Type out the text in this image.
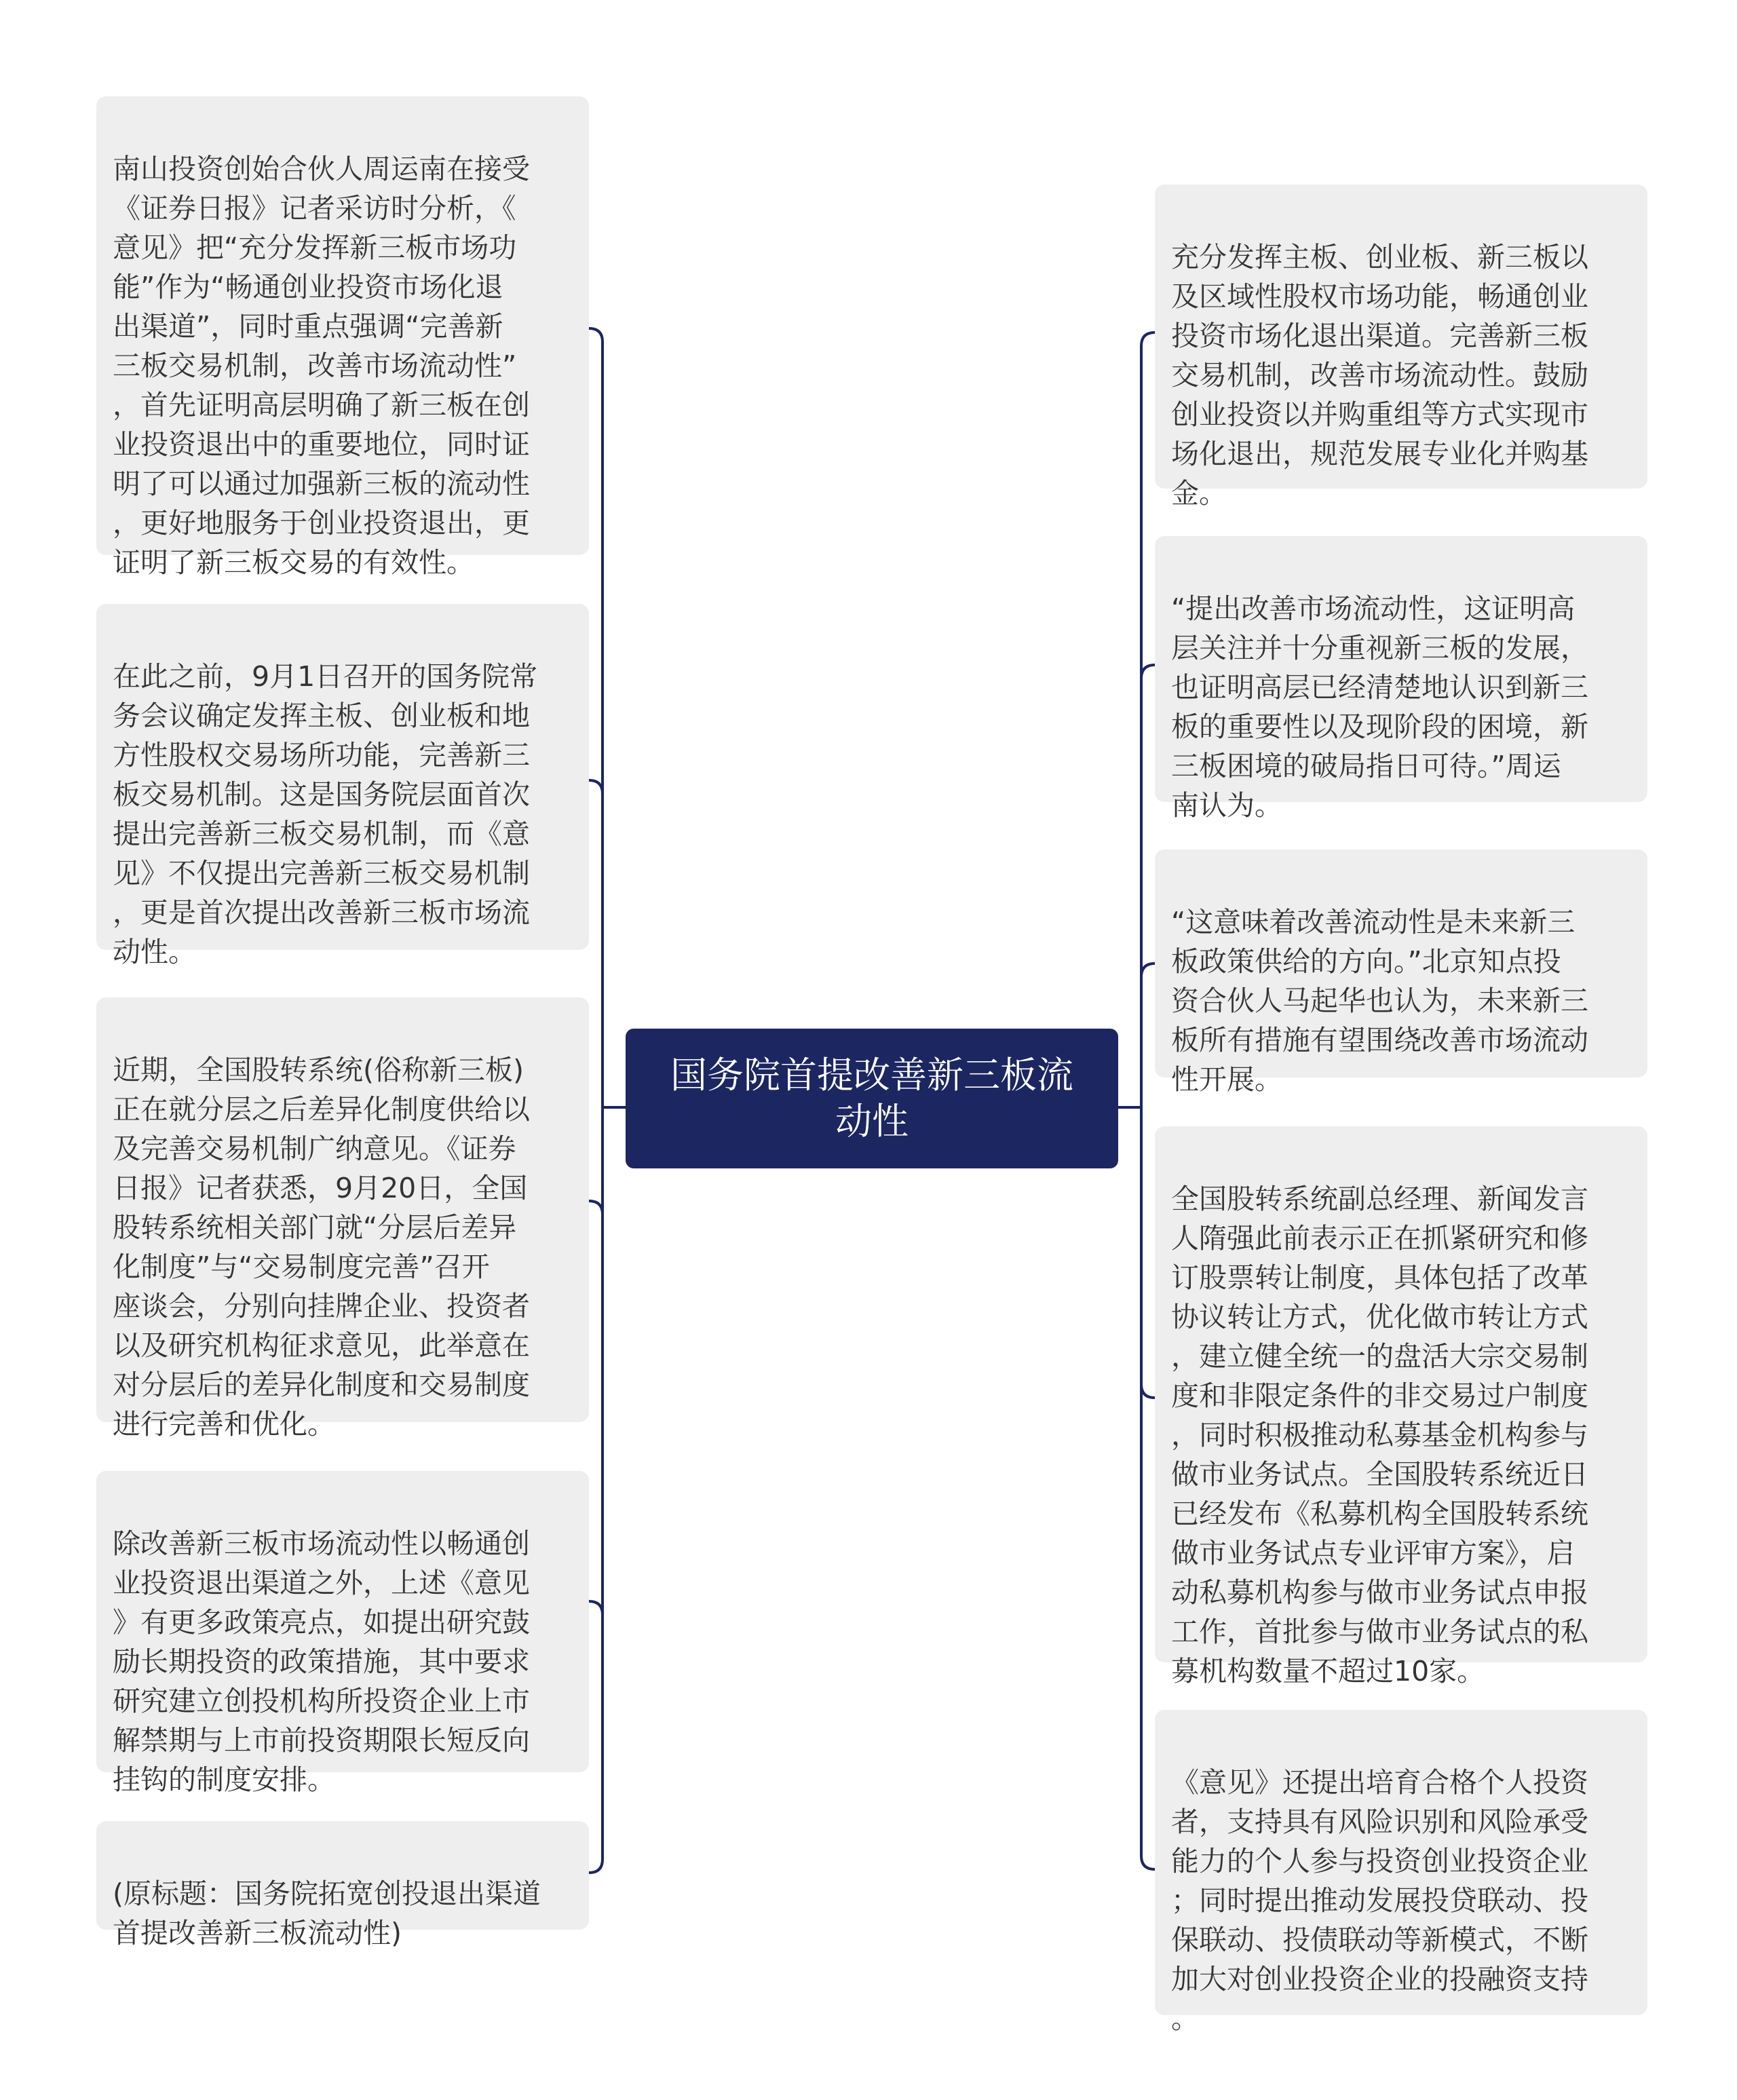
国务院首提改善新三板流
动性

南山投资创始合伙人周运南在接受
《证券日报》记者采访时分析，《
意见》把“充分发挥新三板市场功
能”作为“畅通创业投资市场化退
出渠道”，同时重点强调“完善新
三板交易机制，改善市场流动性”
，首先证明高层明确了新三板在创
业投资退出中的重要地位，同时证
明了可以通过加强新三板的流动性
，更好地服务于创业投资退出，更
证明了新三板交易的有效性。

在此之前，9月1日召开的国务院常
务会议确定发挥主板、创业板和地
方性股权交易场所功能，完善新三
板交易机制。这是国务院层面首次
提出完善新三板交易机制，而《意
见》不仅提出完善新三板交易机制
，更是首次提出改善新三板市场流
动性。

近期，全国股转系统(俗称新三板)
正在就分层之后差异化制度供给以
及完善交易机制广纳意见。《证券
日报》记者获悉，9月20日，全国
股转系统相关部门就“分层后差异
化制度”与“交易制度完善”召开
座谈会，分别向挂牌企业、投资者
以及研究机构征求意见，此举意在
对分层后的差异化制度和交易制度
进行完善和优化。

除改善新三板市场流动性以畅通创
业投资退出渠道之外，上述《意见
》有更多政策亮点，如提出研究鼓
励长期投资的政策措施，其中要求
研究建立创投机构所投资企业上市
解禁期与上市前投资期限长短反向
挂钩的制度安排。

(原标题：国务院拓宽创投退出渠道
首提改善新三板流动性)

充分发挥主板、创业板、新三板以
及区域性股权市场功能，畅通创业
投资市场化退出渠道。完善新三板
交易机制，改善市场流动性。鼓励
创业投资以并购重组等方式实现市
场化退出，规范发展专业化并购基
金。

“提出改善市场流动性，这证明高
层关注并十分重视新三板的发展，
也证明高层已经清楚地认识到新三
板的重要性以及现阶段的困境，新
三板困境的破局指日可待。”周运
南认为。

“这意味着改善流动性是未来新三
板政策供给的方向。”北京知点投
资合伙人马起华也认为，未来新三
板所有措施有望围绕改善市场流动
性开展。

全国股转系统副总经理、新闻发言
人隋强此前表示正在抓紧研究和修
订股票转让制度，具体包括了改革
协议转让方式，优化做市转让方式
，建立健全统一的盘活大宗交易制
度和非限定条件的非交易过户制度
，同时积极推动私募基金机构参与
做市业务试点。全国股转系统近日
已经发布《私募机构全国股转系统
做市业务试点专业评审方案》，启
动私募机构参与做市业务试点申报
工作，首批参与做市业务试点的私
募机构数量不超过10家。

《意见》还提出培育合格个人投资
者，支持具有风险识别和风险承受
能力的个人参与投资创业投资企业
；同时提出推动发展投贷联动、投
保联动、投债联动等新模式，不断
加大对创业投资企业的投融资支持
。
